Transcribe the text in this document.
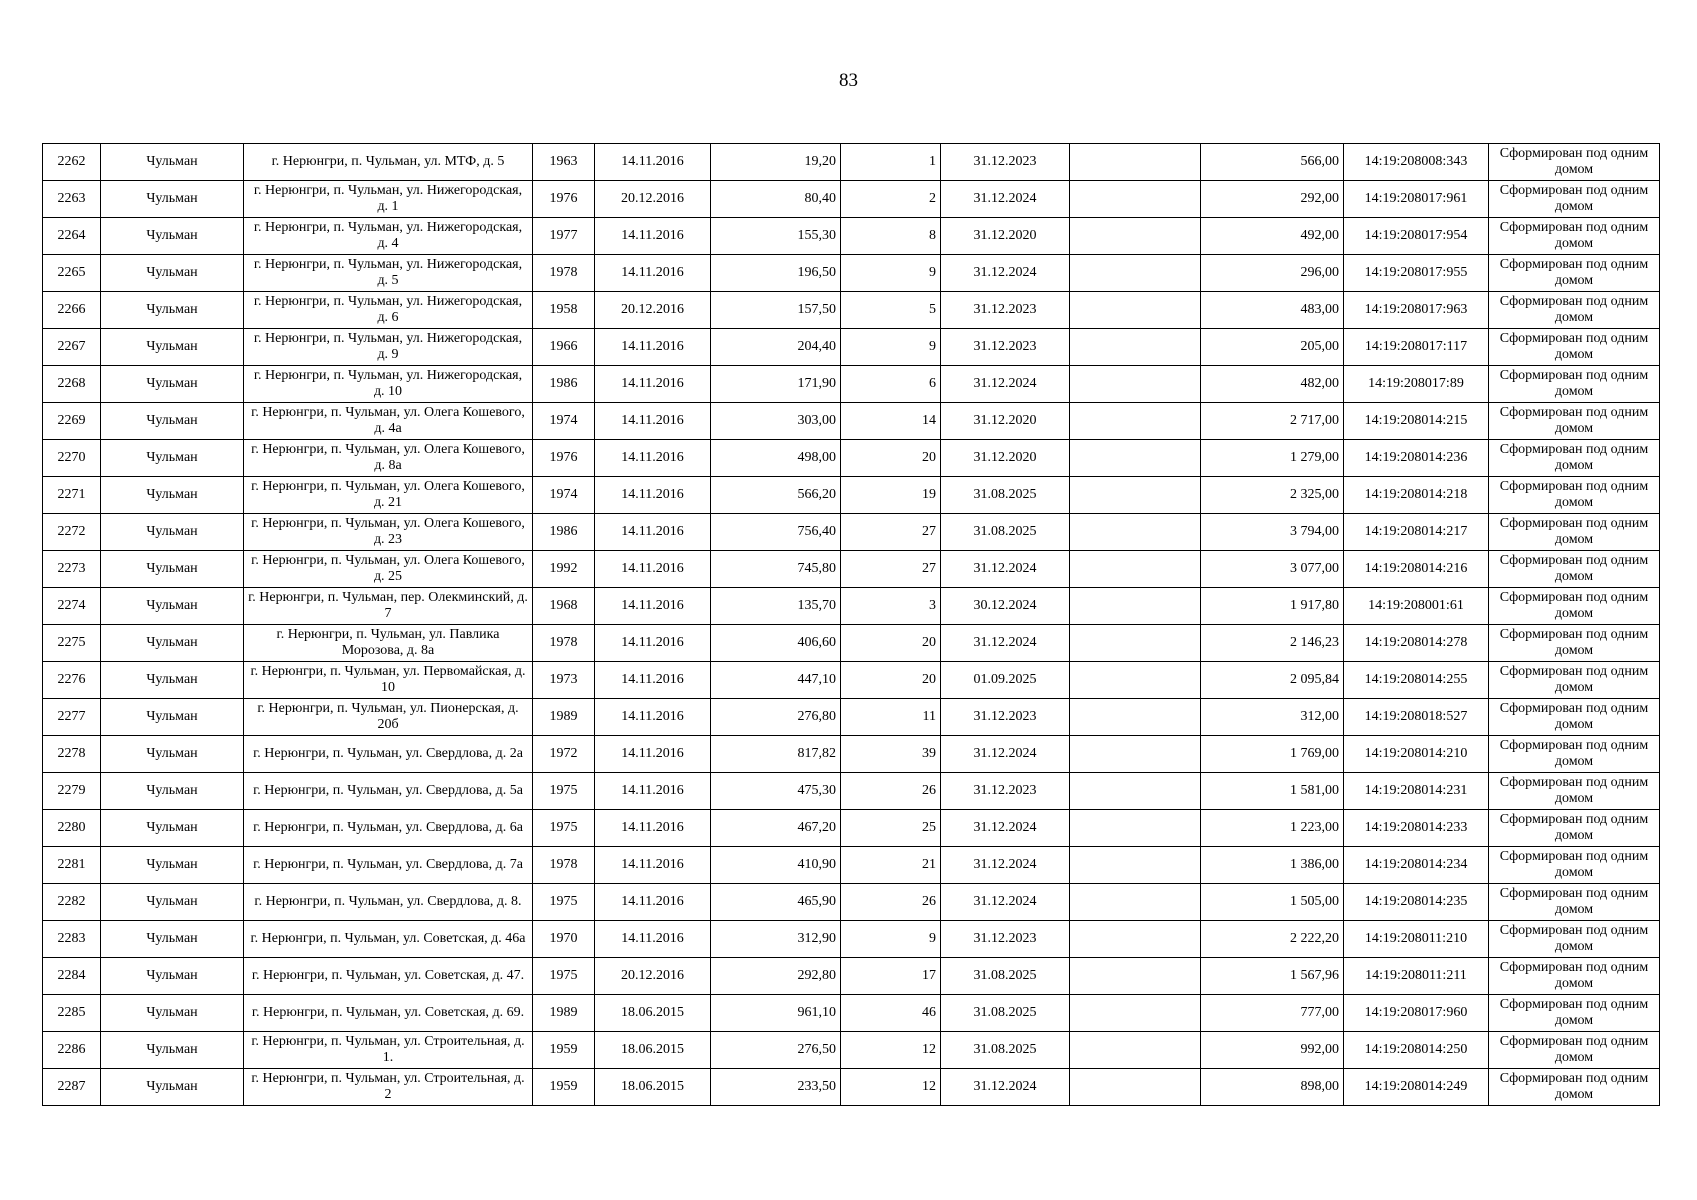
83
2262	Чульман	г. Нерюнгри, п. Чульман, ул. МТФ, д. 5	1963	14.11.2016	19,20	1	31.12.2023		566,00	14:19:208008:343	Сформирован под одним домом
2263	Чульман	г. Нерюнгри, п. Чульман, ул. Нижегородская, д. 1	1976	20.12.2016	80,40	2	31.12.2024		292,00	14:19:208017:961	Сформирован под одним домом
2264	Чульман	г. Нерюнгри, п. Чульман, ул. Нижегородская, д. 4	1977	14.11.2016	155,30	8	31.12.2020		492,00	14:19:208017:954	Сформирован под одним домом
2265	Чульман	г. Нерюнгри, п. Чульман, ул. Нижегородская, д. 5	1978	14.11.2016	196,50	9	31.12.2024		296,00	14:19:208017:955	Сформирован под одним домом
2266	Чульман	г. Нерюнгри, п. Чульман, ул. Нижегородская, д. 6	1958	20.12.2016	157,50	5	31.12.2023		483,00	14:19:208017:963	Сформирован под одним домом
2267	Чульман	г. Нерюнгри, п. Чульман, ул. Нижегородская, д. 9	1966	14.11.2016	204,40	9	31.12.2023		205,00	14:19:208017:117	Сформирован под одним домом
2268	Чульман	г. Нерюнгри, п. Чульман, ул. Нижегородская, д. 10	1986	14.11.2016	171,90	6	31.12.2024		482,00	14:19:208017:89	Сформирован под одним домом
2269	Чульман	г. Нерюнгри, п. Чульман, ул. Олега Кошевого, д. 4а	1974	14.11.2016	303,00	14	31.12.2020		2 717,00	14:19:208014:215	Сформирован под одним домом
2270	Чульман	г. Нерюнгри, п. Чульман, ул. Олега Кошевого, д. 8а	1976	14.11.2016	498,00	20	31.12.2020		1 279,00	14:19:208014:236	Сформирован под одним домом
2271	Чульман	г. Нерюнгри, п. Чульман, ул. Олега Кошевого, д. 21	1974	14.11.2016	566,20	19	31.08.2025		2 325,00	14:19:208014:218	Сформирован под одним домом
2272	Чульман	г. Нерюнгри, п. Чульман, ул. Олега Кошевого, д. 23	1986	14.11.2016	756,40	27	31.08.2025		3 794,00	14:19:208014:217	Сформирован под одним домом
2273	Чульман	г. Нерюнгри, п. Чульман, ул. Олега Кошевого, д. 25	1992	14.11.2016	745,80	27	31.12.2024		3 077,00	14:19:208014:216	Сформирован под одним домом
2274	Чульман	г. Нерюнгри, п. Чульман, пер. Олекминский, д. 7	1968	14.11.2016	135,70	3	30.12.2024		1 917,80	14:19:208001:61	Сформирован под одним домом
2275	Чульман	г. Нерюнгри, п. Чульман, ул. Павлика Морозова, д. 8а	1978	14.11.2016	406,60	20	31.12.2024		2 146,23	14:19:208014:278	Сформирован под одним домом
2276	Чульман	г. Нерюнгри, п. Чульман, ул. Первомайская, д. 10	1973	14.11.2016	447,10	20	01.09.2025		2 095,84	14:19:208014:255	Сформирован под одним домом
2277	Чульман	г. Нерюнгри, п. Чульман, ул. Пионерская, д. 20б	1989	14.11.2016	276,80	11	31.12.2023		312,00	14:19:208018:527	Сформирован под одним домом
2278	Чульман	г. Нерюнгри, п. Чульман, ул. Свердлова, д. 2а	1972	14.11.2016	817,82	39	31.12.2024		1 769,00	14:19:208014:210	Сформирован под одним домом
2279	Чульман	г. Нерюнгри, п. Чульман, ул. Свердлова, д. 5а	1975	14.11.2016	475,30	26	31.12.2023		1 581,00	14:19:208014:231	Сформирован под одним домом
2280	Чульман	г. Нерюнгри, п. Чульман, ул. Свердлова, д. 6а	1975	14.11.2016	467,20	25	31.12.2024		1 223,00	14:19:208014:233	Сформирован под одним домом
2281	Чульман	г. Нерюнгри, п. Чульман, ул. Свердлова, д. 7а	1978	14.11.2016	410,90	21	31.12.2024		1 386,00	14:19:208014:234	Сформирован под одним домом
2282	Чульман	г. Нерюнгри, п. Чульман, ул. Свердлова, д. 8.	1975	14.11.2016	465,90	26	31.12.2024		1 505,00	14:19:208014:235	Сформирован под одним домом
2283	Чульман	г. Нерюнгри, п. Чульман, ул. Советская, д. 46а	1970	14.11.2016	312,90	9	31.12.2023		2 222,20	14:19:208011:210	Сформирован под одним домом
2284	Чульман	г. Нерюнгри, п. Чульман, ул. Советская, д. 47.	1975	20.12.2016	292,80	17	31.08.2025		1 567,96	14:19:208011:211	Сформирован под одним домом
2285	Чульман	г. Нерюнгри, п. Чульман, ул. Советская, д. 69.	1989	18.06.2015	961,10	46	31.08.2025		777,00	14:19:208017:960	Сформирован под одним домом
2286	Чульман	г. Нерюнгри, п. Чульман, ул. Строительная, д. 1.	1959	18.06.2015	276,50	12	31.08.2025		992,00	14:19:208014:250	Сформирован под одним домом
2287	Чульман	г. Нерюнгри, п. Чульман, ул. Строительная, д. 2	1959	18.06.2015	233,50	12	31.12.2024		898,00	14:19:208014:249	Сформирован под одним домом
